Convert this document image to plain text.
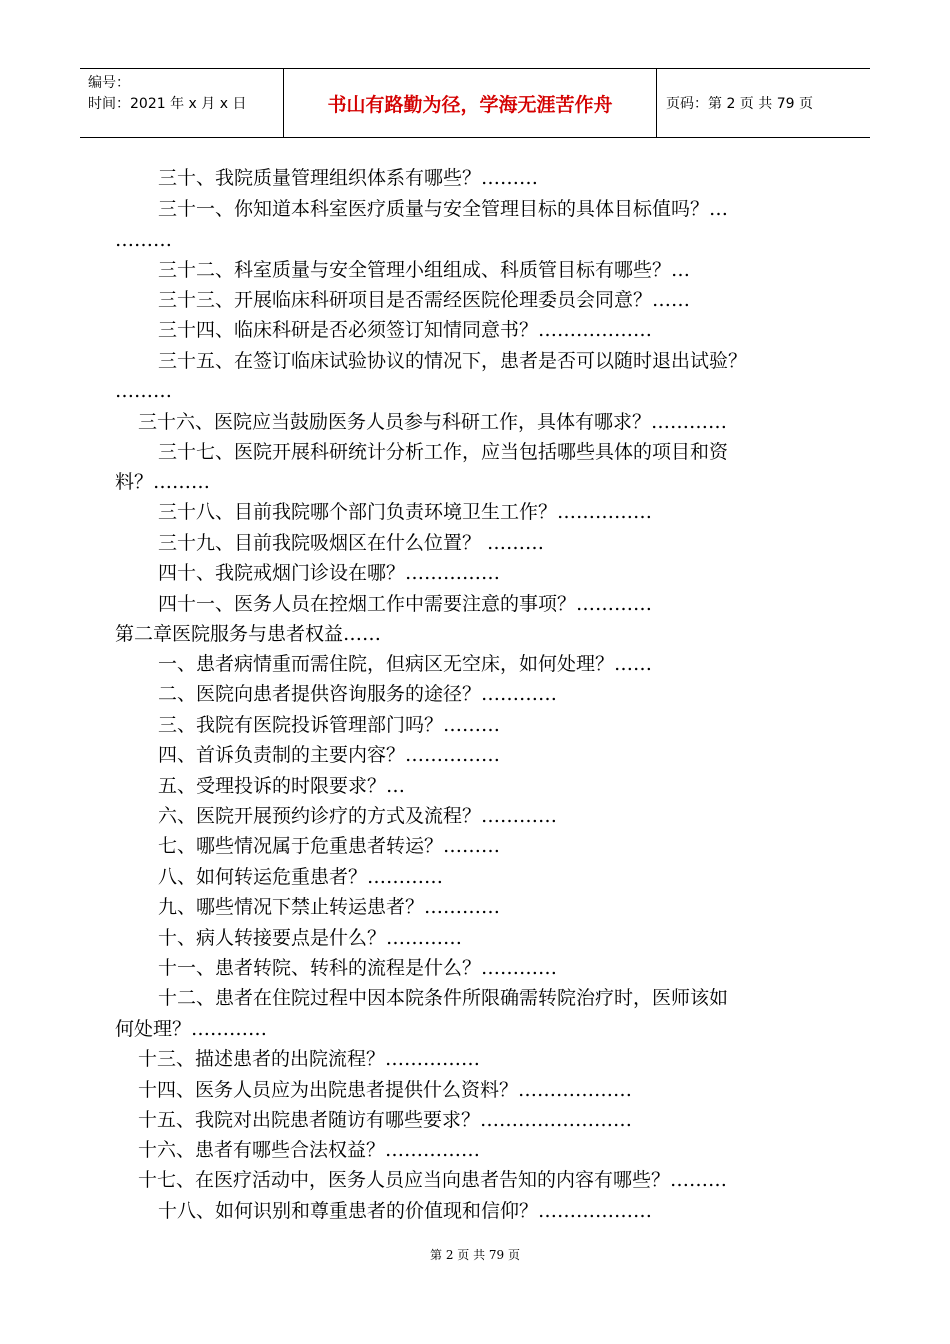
编号：
时间：2021 年 x 月 x 日	书山有路勤为径，学海无涯苦作舟	页码：第 2 页 共 79 页
三十、我院质量管理组织体系有哪些？………
三十一、你知道本科室医疗质量与安全管理目标的具体目标值吗？…
………
三十二、科室质量与安全管理小组组成、科质管目标有哪些？…
三十三、开展临床科研项目是否需经医院伦理委员会同意？……
三十四、临床科研是否必须签订知情同意书？………………
三十五、在签订临床试验协议的情况下，患者是否可以随时退出试验？
………
三十六、医院应当鼓励医务人员参与科研工作，具体有哪求？…………
三十七、医院开展科研统计分析工作，应当包括哪些具体的项目和资
料？………
三十八、目前我院哪个部门负责环境卫生工作？……………
三十九、目前我院吸烟区在什么位置？ ………
四十、我院戒烟门诊设在哪？……………
四十一、医务人员在控烟工作中需要注意的事项？…………
第二章医院服务与患者权益……
一、患者病情重而需住院，但病区无空床，如何处理？……
二、医院向患者提供咨询服务的途径？…………
三、我院有医院投诉管理部门吗？………
四、首诉负责制的主要内容？……………
五、受理投诉的时限要求？…
六、医院开展预约诊疗的方式及流程？…………
七、哪些情况属于危重患者转运？………
八、如何转运危重患者？…………
九、哪些情况下禁止转运患者？…………
十、病人转接要点是什么？…………
十一、患者转院、转科的流程是什么？…………
十二、患者在住院过程中因本院条件所限确需转院治疗时，医师该如
何处理？…………
十三、描述患者的出院流程？……………
十四、医务人员应为出院患者提供什么资料？………………
十五、我院对出院患者随访有哪些要求？……………………
十六、患者有哪些合法权益？……………
十七、在医疗活动中，医务人员应当向患者告知的内容有哪些？………
十八、如何识别和尊重患者的价值现和信仰？………………
第 2 页 共 79 页
